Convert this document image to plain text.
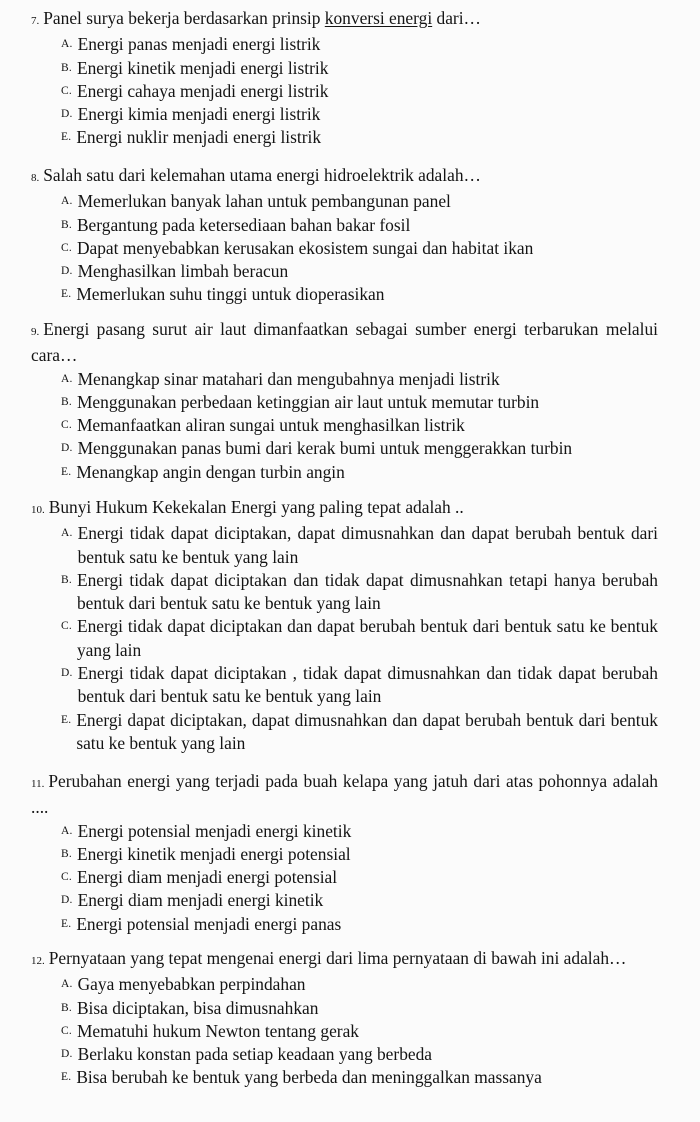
7. Panel surya bekerja berdasarkan prinsip konversi energi dari…
A. Energi panas menjadi energi listrik
B. Energi kinetik menjadi energi listrik
C. Energi cahaya menjadi energi listrik
D. Energi kimia menjadi energi listrik
E. Energi nuklir menjadi energi listrik
8. Salah satu dari kelemahan utama energi hidroelektrik adalah…
A. Memerlukan banyak lahan untuk pembangunan panel
B. Bergantung pada ketersediaan bahan bakar fosil
C. Dapat menyebabkan kerusakan ekosistem sungai dan habitat ikan
D. Menghasilkan limbah beracun
E. Memerlukan suhu tinggi untuk dioperasikan
9. Energi pasang surut air laut dimanfaatkan sebagai sumber energi terbarukan melalui cara…
A. Menangkap sinar matahari dan mengubahnya menjadi listrik
B. Menggunakan perbedaan ketinggian air laut untuk memutar turbin
C. Memanfaatkan aliran sungai untuk menghasilkan listrik
D. Menggunakan panas bumi dari kerak bumi untuk menggerakkan turbin
E. Menangkap angin dengan turbin angin
10. Bunyi Hukum Kekekalan Energi yang paling tepat adalah ..
A. Energi tidak dapat diciptakan, dapat dimusnahkan dan dapat berubah bentuk dari bentuk satu ke bentuk yang lain
B. Energi tidak dapat diciptakan dan tidak dapat dimusnahkan tetapi hanya berubah bentuk dari bentuk satu ke bentuk yang lain
C. Energi tidak dapat diciptakan dan dapat berubah bentuk dari bentuk satu ke bentuk yang lain
D. Energi tidak dapat diciptakan , tidak dapat dimusnahkan dan tidak dapat berubah bentuk dari bentuk satu ke bentuk yang lain
E. Energi dapat diciptakan, dapat dimusnahkan dan dapat berubah bentuk dari bentuk satu ke bentuk yang lain
11. Perubahan energi yang terjadi pada buah kelapa yang jatuh dari atas pohonnya adalah ....
A. Energi potensial menjadi energi kinetik
B. Energi kinetik menjadi energi potensial
C. Energi diam menjadi energi potensial
D. Energi diam menjadi energi kinetik
E. Energi potensial menjadi energi panas
12. Pernyataan yang tepat mengenai energi dari lima pernyataan di bawah ini adalah…
A. Gaya menyebabkan perpindahan
B. Bisa diciptakan, bisa dimusnahkan
C. Mematuhi hukum Newton tentang gerak
D. Berlaku konstan pada setiap keadaan yang berbeda
E. Bisa berubah ke bentuk yang berbeda dan meninggalkan massanya
